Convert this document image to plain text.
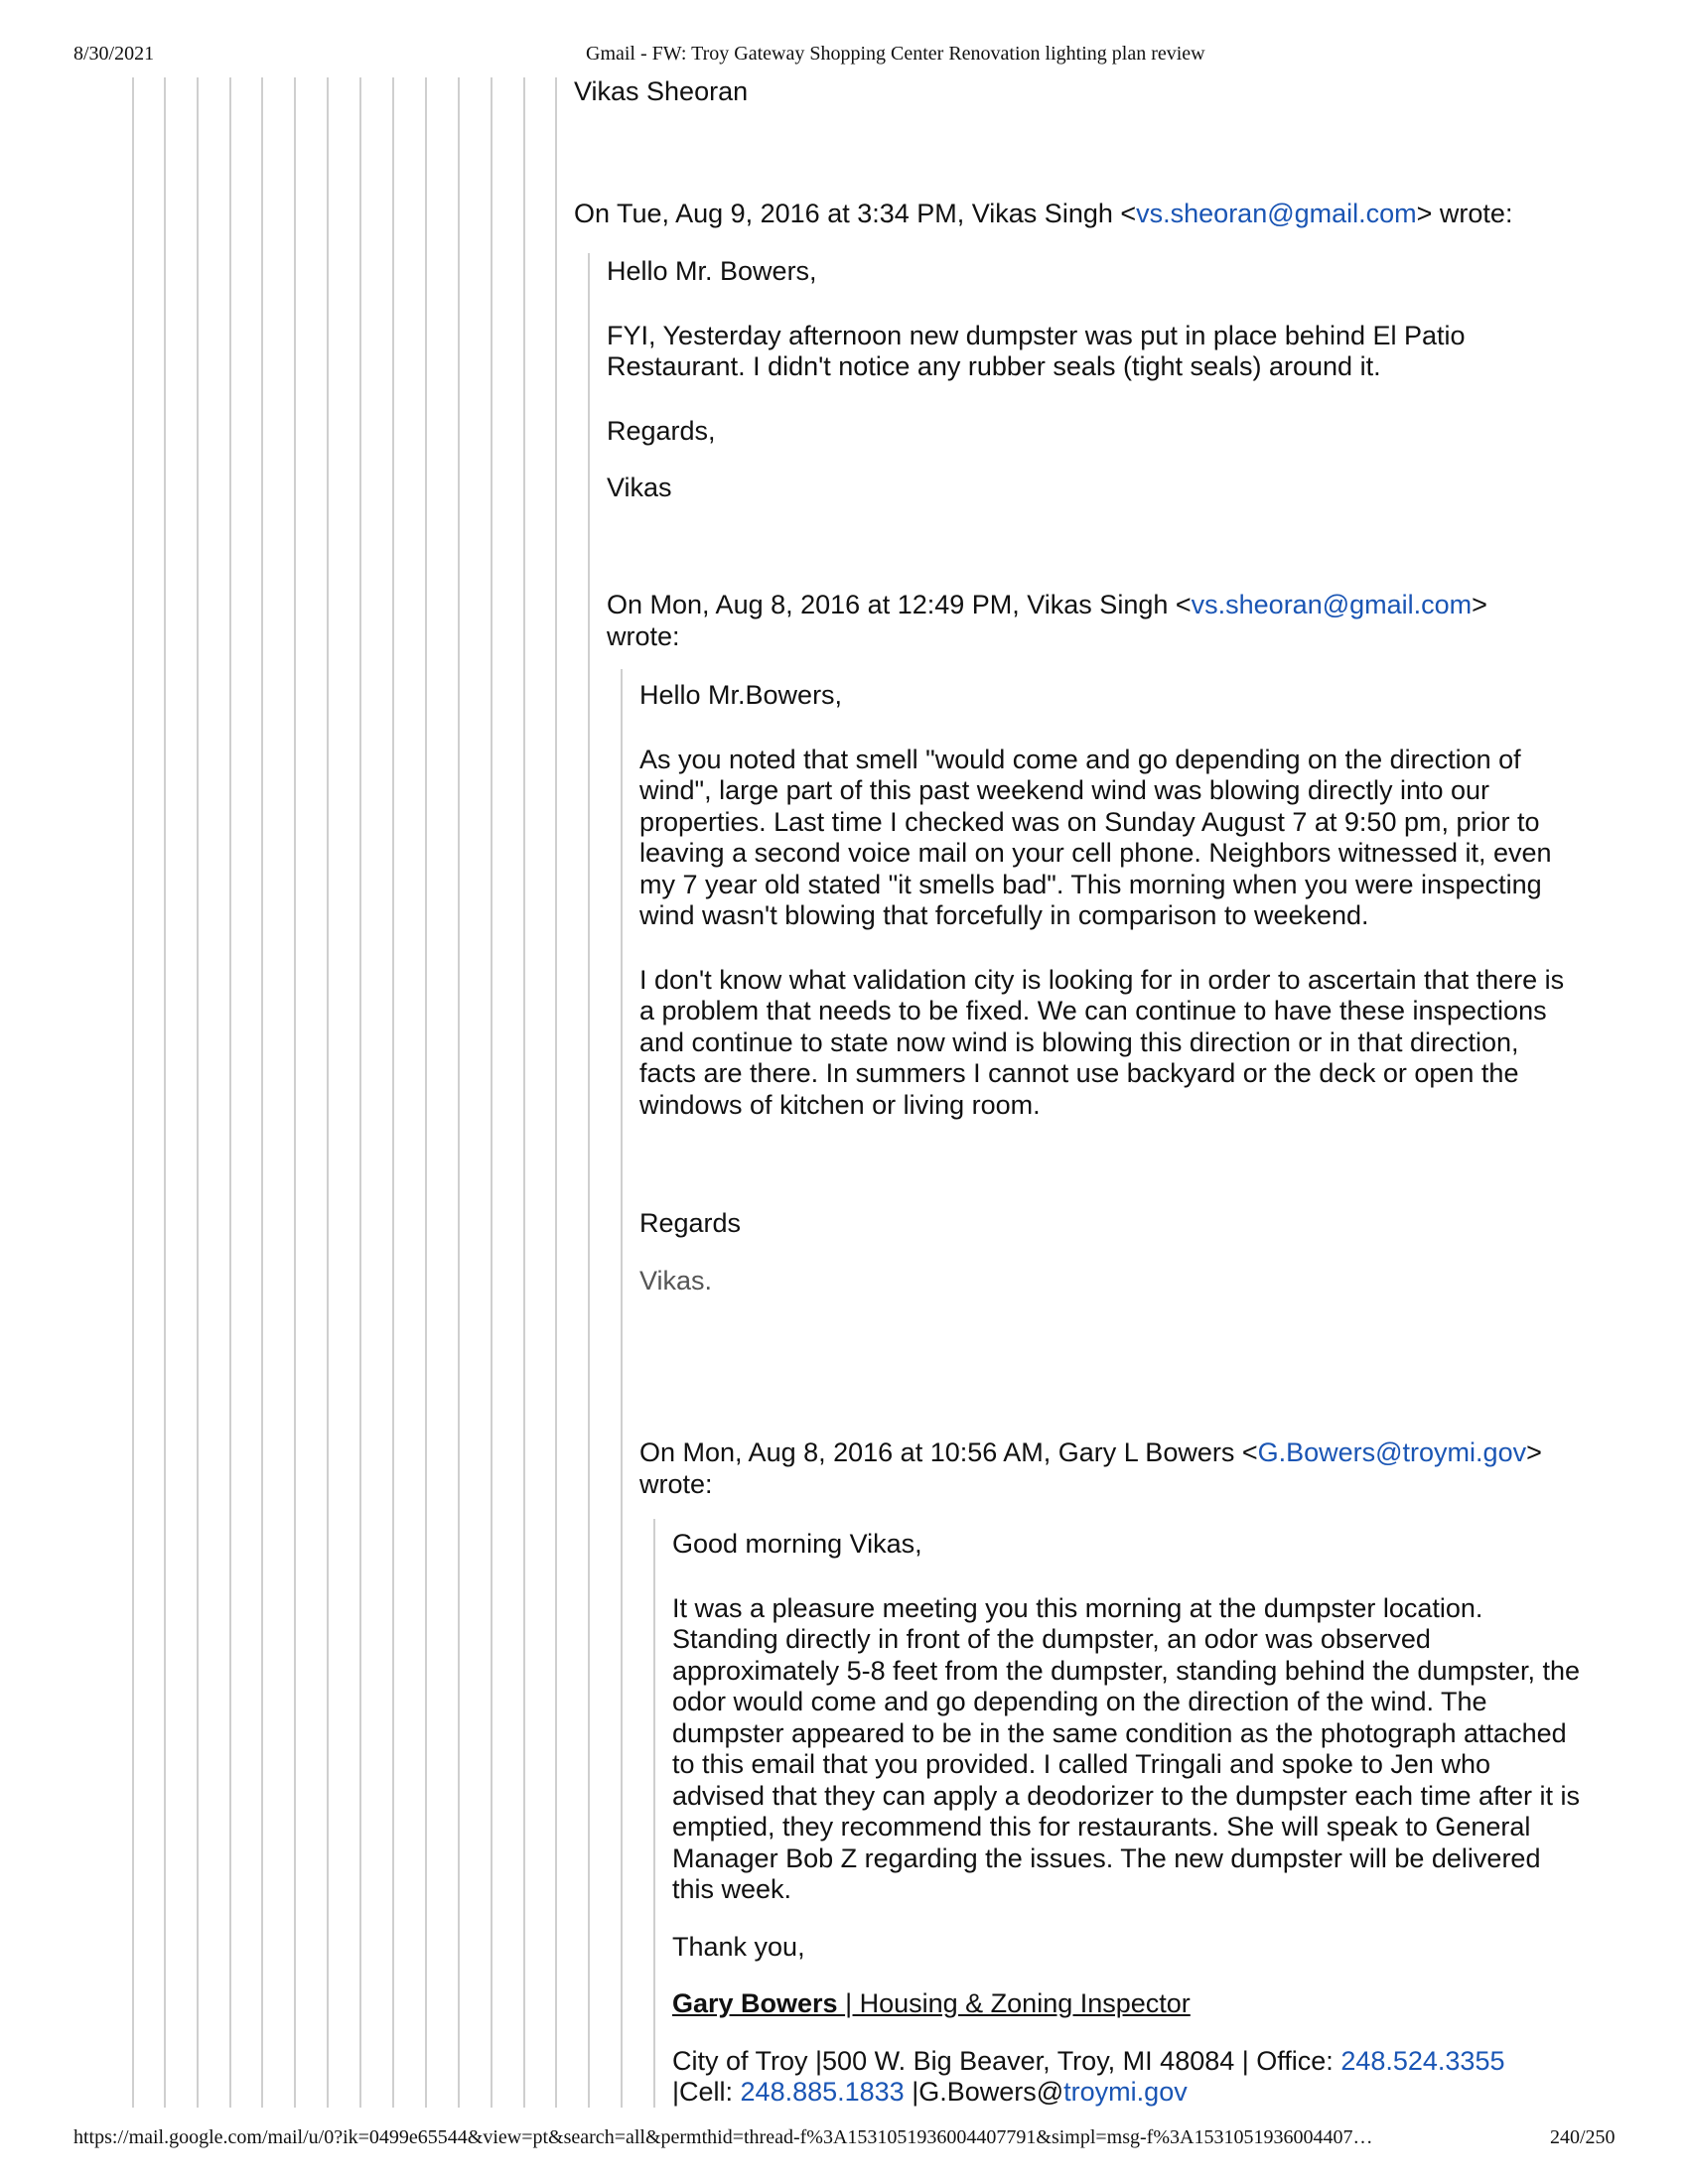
8/30/2021	Gmail - FW: Troy Gateway Shopping Center Renovation lighting plan review

Vikas Sheoran

On Tue, Aug 9, 2016 at 3:34 PM, Vikas Singh <vs.sheoran@gmail.com> wrote:

Hello Mr. Bowers,

FYI, Yesterday afternoon new dumpster was put in place behind El Patio Restaurant. I didn't notice any rubber seals (tight seals) around it.

Regards,

Vikas

On Mon, Aug 8, 2016 at 12:49 PM, Vikas Singh <vs.sheoran@gmail.com> wrote:

Hello Mr.Bowers,

As you noted that smell "would come and go depending on the direction of wind", large part of this past weekend wind was blowing directly into our properties. Last time I checked was on Sunday August 7 at 9:50 pm, prior to leaving a second voice mail on your cell phone. Neighbors witnessed it, even my 7 year old stated "it smells bad". This morning when you were inspecting wind wasn't blowing that forcefully in comparison to weekend.

I don't know what validation city is looking for in order to ascertain that there is a problem that needs to be fixed. We can continue to have these inspections and continue to state now wind is blowing this direction or in that direction, facts are there. In summers I cannot use backyard or the deck or open the windows of kitchen or living room.

Regards

Vikas.

On Mon, Aug 8, 2016 at 10:56 AM, Gary L Bowers <G.Bowers@troymi.gov> wrote:

Good morning Vikas,

It was a pleasure meeting you this morning at the dumpster location. Standing directly in front of the dumpster, an odor was observed approximately 5-8 feet from the dumpster, standing behind the dumpster, the odor would come and go depending on the direction of the wind. The dumpster appeared to be in the same condition as the photograph attached to this email that you provided. I called Tringali and spoke to Jen who advised that they can apply a deodorizer to the dumpster each time after it is emptied, they recommend this for restaurants. She will speak to General Manager Bob Z regarding the issues. The new dumpster will be delivered this week.

Thank you,

Gary Bowers | Housing & Zoning Inspector

City of Troy |500 W. Big Beaver, Troy, MI 48084 | Office: 248.524.3355
|Cell: 248.885.1833 |G.Bowers@troymi.gov

https://mail.google.com/mail/u/0?ik=0499e65544&view=pt&search=all&permthid=thread-f%3A1531051936004407791&simpl=msg-f%3A1531051936004407…	240/250
